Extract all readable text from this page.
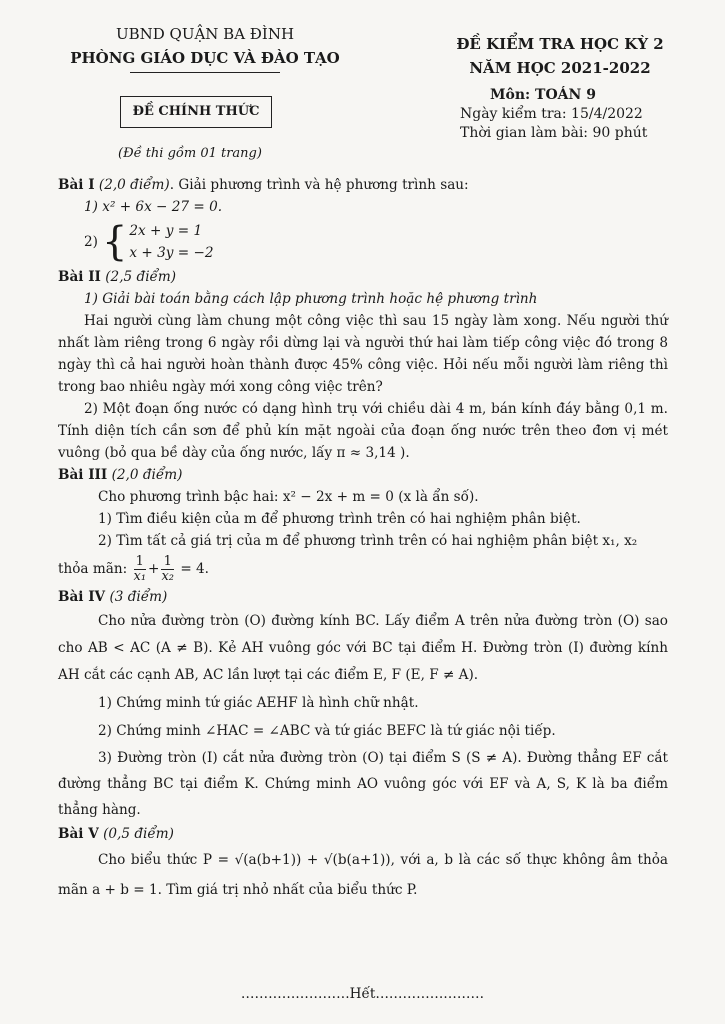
UBND QUẬN BA ĐÌNH
PHÒNG GIÁO DỤC VÀ ĐÀO TẠO
ĐỀ KIỂM TRA HỌC KỲ 2
NĂM HỌC 2021-2022
ĐỀ CHÍNH THỨC
Môn: TOÁN 9
Ngày kiểm tra: 15/4/2022
Thời gian làm bài: 90 phút
(Đề thi gồm 01 trang)

Bài I (2,0 điểm). Giải phương trình và hệ phương trình sau:

1) x² + 6x − 27 = 0.

2) { 2x + y = 1
x + 3y = −2

Bài II (2,5 điểm)

1) Giải bài toán bằng cách lập phương trình hoặc hệ phương trình

Hai người cùng làm chung một công việc thì sau 15 ngày làm xong. Nếu người thứ nhất làm riêng trong 6 ngày rồi dừng lại và người thứ hai làm tiếp công việc đó trong 8 ngày thì cả hai người hoàn thành được 45% công việc. Hỏi nếu mỗi người làm riêng thì trong bao nhiêu ngày mới xong công việc trên?

2) Một đoạn ống nước có dạng hình trụ với chiều dài 4 m, bán kính đáy bằng 0,1 m. Tính diện tích cần sơn để phủ kín mặt ngoài của đoạn ống nước trên theo đơn vị mét vuông (bỏ qua bề dày của ống nước, lấy π ≈ 3,14 ).

Bài III (2,0 điểm)

Cho phương trình bậc hai: x² − 2x + m = 0 (x là ẩn số).

1) Tìm điều kiện của m để phương trình trên có hai nghiệm phân biệt.

2) Tìm tất cả giá trị của m để phương trình trên có hai nghiệm phân biệt x₁, x₂

thỏa mãn:
$\frac{1}{\text{x₁}} + \frac{1}{\text{x₂}}$
= 4.

Bài IV (3 điểm)

Cho nửa đường tròn (O) đường kính BC. Lấy điểm A trên nửa đường tròn (O) sao cho AB < AC (A ≠ B). Kẻ AH vuông góc với BC tại điểm H. Đường tròn (I) đường kính AH cắt các cạnh AB, AC lần lượt tại các điểm E, F (E, F ≠ A).

1) Chứng minh tứ giác AEHF là hình chữ nhật.

2) Chứng minh ∠HAC = ∠ABC và tứ giác BEFC là tứ giác nội tiếp.

3) Đường tròn (I) cắt nửa đường tròn (O) tại điểm S (S ≠ A). Đường thẳng EF cắt đường thẳng BC tại điểm K. Chứng minh AO vuông góc với EF và A, S, K là ba điểm thẳng hàng.

Bài V (0,5 điểm)

Cho biểu thức P = √(a(b+1)) + √(b(a+1)), với a, b là các số thực không âm thỏa mãn a + b = 1. Tìm giá trị nhỏ nhất của biểu thức P.

……………………Hết……………………
